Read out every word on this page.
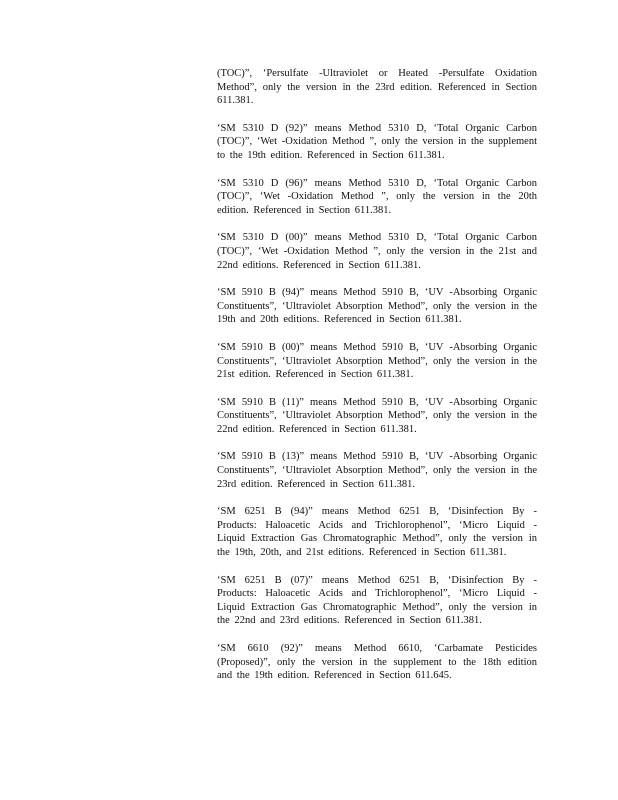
(TOC)”, ‘Persulfate -Ultraviolet or Heated -Persulfate Oxidation Method”, only the version in the 23rd edition. Referenced in Section 611.381.

‘SM 5310 D (92)” means Method 5310 D, ‘Total Organic Carbon (TOC)”, ‘Wet -Oxidation Method ”, only the version in the supplement to the 19th edition. Referenced in Section 611.381.

‘SM 5310 D (96)” means Method 5310 D, ‘Total Organic Carbon (TOC)”, ‘Wet -Oxidation Method ”, only the version in the 20th edition. Referenced in Section 611.381.

‘SM 5310 D (00)” means Method 5310 D, ‘Total Organic Carbon (TOC)”, ‘Wet -Oxidation Method ”, only the version in the 21st and 22nd editions. Referenced in Section 611.381.

‘SM 5910 B (94)” means Method 5910 B, ‘UV -Absorbing Organic Constituents”, ‘Ultraviolet Absorption Method”, only the version in the 19th and 20th editions. Referenced in Section 611.381.

‘SM 5910 B (00)” means Method 5910 B, ‘UV -Absorbing Organic Constituents”, ‘Ultraviolet Absorption Method”, only the version in the 21st edition. Referenced in Section 611.381.

‘SM 5910 B (11)” means Method 5910 B, ‘UV -Absorbing Organic Constituents”, ‘Ultraviolet Absorption Method”, only the version in the 22nd edition. Referenced in Section 611.381.

‘SM 5910 B (13)” means Method 5910 B, ‘UV -Absorbing Organic Constituents”, ‘Ultraviolet Absorption Method”, only the version in the 23rd edition. Referenced in Section 611.381.

‘SM 6251 B (94)” means Method 6251 B, ‘Disinfection By - Products: Haloacetic Acids and Trichlorophenol”, ‘Micro Liquid - Liquid Extraction Gas Chromatographic Method”, only the version in the 19th, 20th, and 21st editions. Referenced in Section 611.381.

‘SM 6251 B (07)” means Method 6251 B, ‘Disinfection By - Products: Haloacetic Acids and Trichlorophenol”, ‘Micro Liquid - Liquid Extraction Gas Chromatographic Method”, only the version in the 22nd and 23rd editions. Referenced in Section 611.381.

‘SM 6610 (92)” means Method 6610, ‘Carbamate Pesticides (Proposed)”, only the version in the supplement to the 18th edition and the 19th edition. Referenced in Section 611.645.
